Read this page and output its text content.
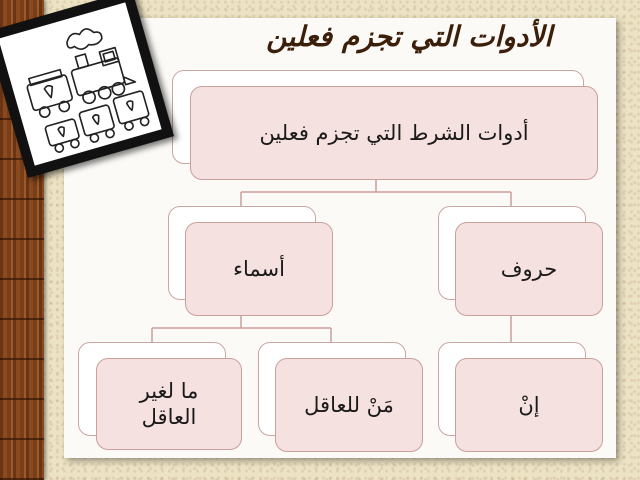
الأدوات التي تجزم فعلين
أدوات الشرط التي تجزم فعلين
حروف
أسماء
إنْ
مَنْ للعاقل
ما لغير العاقل
